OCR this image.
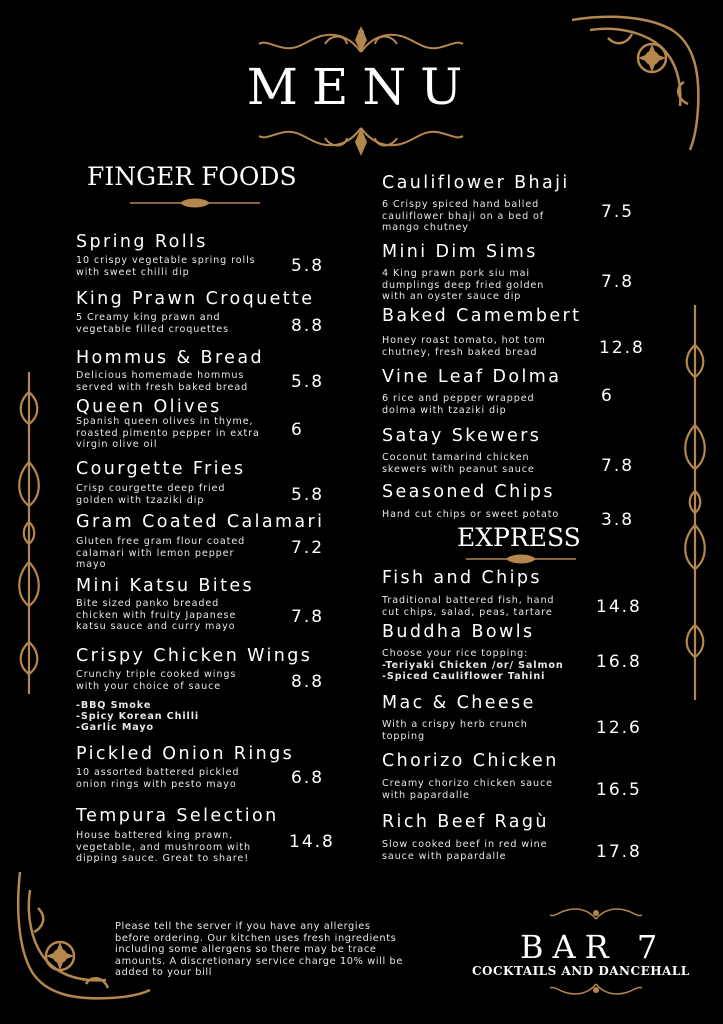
MENU
FINGER FOODS
Spring Rolls
10 crispy vegetable spring rolls
with sweet chilli dip	5.8
King Prawn Croquette
5 Creamy king prawn and
vegetable filled croquettes	8.8
Hommus & Bread
Delicious homemade hommus
served with fresh baked bread	5.8
Queen Olives
Spanish queen olives in thyme,
roasted pimento pepper in extra
virgin olive oil
6
Courgette Fries
Crisp courgette deep fried
golden with tzaziki dip	5.8
Gram Coated Calamari
Gluten free gram flour coated
calamari with lemon pepper
mayo
7.2
Mini Katsu Bites
Bite sized panko breaded
chicken with fruity Japanese
katsu sauce and curry mayo	7.8
Crispy Chicken Wings
Crunchy triple cooked wings
with your choice of sauce	8.8
-BBQ Smoke
-Spicy Korean Chilli
-Garlic Mayo
Pickled Onion Rings
10 assorted battered pickled
onion rings with pesto mayo	6.8
Tempura Selection
House battered king prawn,
vegetable, and mushroom with
dipping sauce. Great to share!
14.8
Cauliflower Bhaji
6 Crispy spiced hand balled
cauliflower bhaji on a bed of
mango chutney
7.5
Mini Dim Sims
4 King prawn pork siu mai
dumplings deep fried golden
with an oyster sauce dip
7.8
Baked Camembert
Honey roast tomato, hot tom
chutney, fresh baked bread	12.8
Vine Leaf Dolma
6 rice and pepper wrapped
dolma with tzaziki dip
6
Satay Skewers
Coconut tamarind chicken
skewers with peanut sauce	7.8
Seasoned Chips
Hand cut chips or sweet potato 3.8
EXPRESS
Fish and Chips
Traditional battered fish, hand
cut chips, salad, peas, tartare	14.8
Buddha Bowls
Choose your rice topping:	16.8
-Teriyaki Chicken /or/ Salmon
-Spiced Cauliflower Tahini
Mac & Cheese
With a crispy herb crunch
topping	12.6
Chorizo Chicken
Creamy chorizo chicken sauce
with papardalle	16.5
Rich Beef Ragù
Slow cooked beef in red wine
sauce with papardalle	17.8
Please tell the server if you have any allergies
before ordering. Our kitchen uses fresh ingredients
including some allergens so there may be trace
amounts. A discretionary service charge 10% will be
added to your bill
BAR 7
COCKTAILS AND DANCEHALL
